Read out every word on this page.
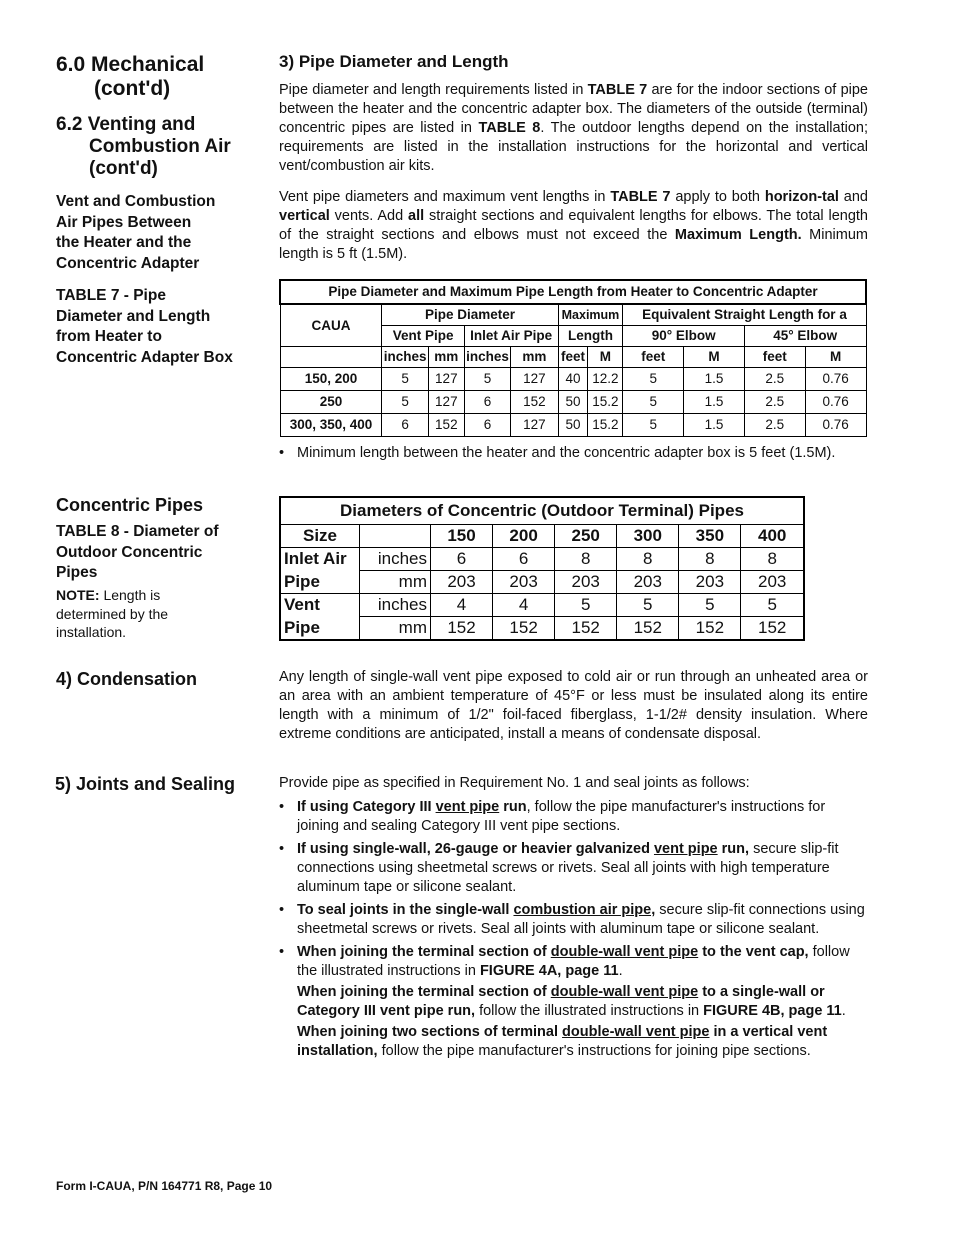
6.0 Mechanical
(cont'd)
6.2 Venting and
Combustion Air
(cont'd)
Vent and Combustion
Air Pipes Between
the Heater and the
Concentric Adapter
TABLE 7 - Pipe
Diameter and Length
from Heater to
Concentric Adapter Box
Concentric Pipes
TABLE 8 - Diameter of
Outdoor Concentric
Pipes
NOTE: Length is
determined by the
installation.
4) Condensation
5) Joints and Sealing
3) Pipe Diameter and Length
Pipe diameter and length requirements listed in TABLE 7 are for the indoor sections of pipe between the heater and the concentric adapter box. The diameters of the outside (terminal) concentric pipes are listed in TABLE 8. The outdoor lengths depend on the installation; requirements are listed in the installation instructions for the horizontal and vertical vent/combustion air kits.
Vent pipe diameters and maximum vent lengths in TABLE 7 apply to both horizon-tal and vertical vents. Add all straight sections and equivalent lengths for elbows. The total length of the straight sections and elbows must not exceed the Maximum Length. Minimum length is 5 ft (1.5M).
Pipe Diameter and Maximum Pipe Length from Heater to Concentric Adapter										
CAUA	Pipe Diameter				Maximum		Equivalent Straight Length for a			
	Vent Pipe		Inlet Air Pipe		Length		90° Elbow		45° Elbow	
	inches	mm	inches	mm	feet	M	feet	M	feet	M
150, 200	5	127	5	127	40	12.2	5	1.5	2.5	0.76
250	5	127	6	152	50	15.2	5	1.5	2.5	0.76
300, 350, 400	6	152	6	127	50	15.2	5	1.5	2.5	0.76
• Minimum length between the heater and the concentric adapter box is 5 feet (1.5M).
Diameters of Concentric (Outdoor Terminal) Pipes							
Size		150	200	250	300	350	400
Inlet Air	inches	6	6	8	8	8	8
Pipe	mm	203	203	203	203	203	203
Vent	inches	4	4	5	5	5	5
Pipe	mm	152	152	152	152	152	152
Any length of single-wall vent pipe exposed to cold air or run through an unheated area or an area with an ambient temperature of 45°F or less must be insulated along its entire length with a minimum of 1/2" foil-faced fiberglass, 1-1/2# density insulation. Where extreme conditions are anticipated, install a means of condensate disposal.
Provide pipe as specified in Requirement No. 1 and seal joints as follows:
• If using Category III vent pipe run, follow the pipe manufacturer's instructions for joining and sealing Category III vent pipe sections.
• If using single-wall, 26-gauge or heavier galvanized vent pipe run, secure slip-fit connections using sheetmetal screws or rivets. Seal all joints with high temperature aluminum tape or silicone sealant.
• To seal joints in the single-wall combustion air pipe, secure slip-fit connections using sheetmetal screws or rivets. Seal all joints with aluminum tape or silicone sealant.
• When joining the terminal section of double-wall vent pipe to the vent cap, follow the illustrated instructions in FIGURE 4A, page 11.
When joining the terminal section of double-wall vent pipe to a single-wall or Category III vent pipe run, follow the illustrated instructions in FIGURE 4B, page 11.
When joining two sections of terminal double-wall vent pipe in a vertical vent installation, follow the pipe manufacturer's instructions for joining pipe sections.
Form I-CAUA, P/N 164771 R8, Page 10
